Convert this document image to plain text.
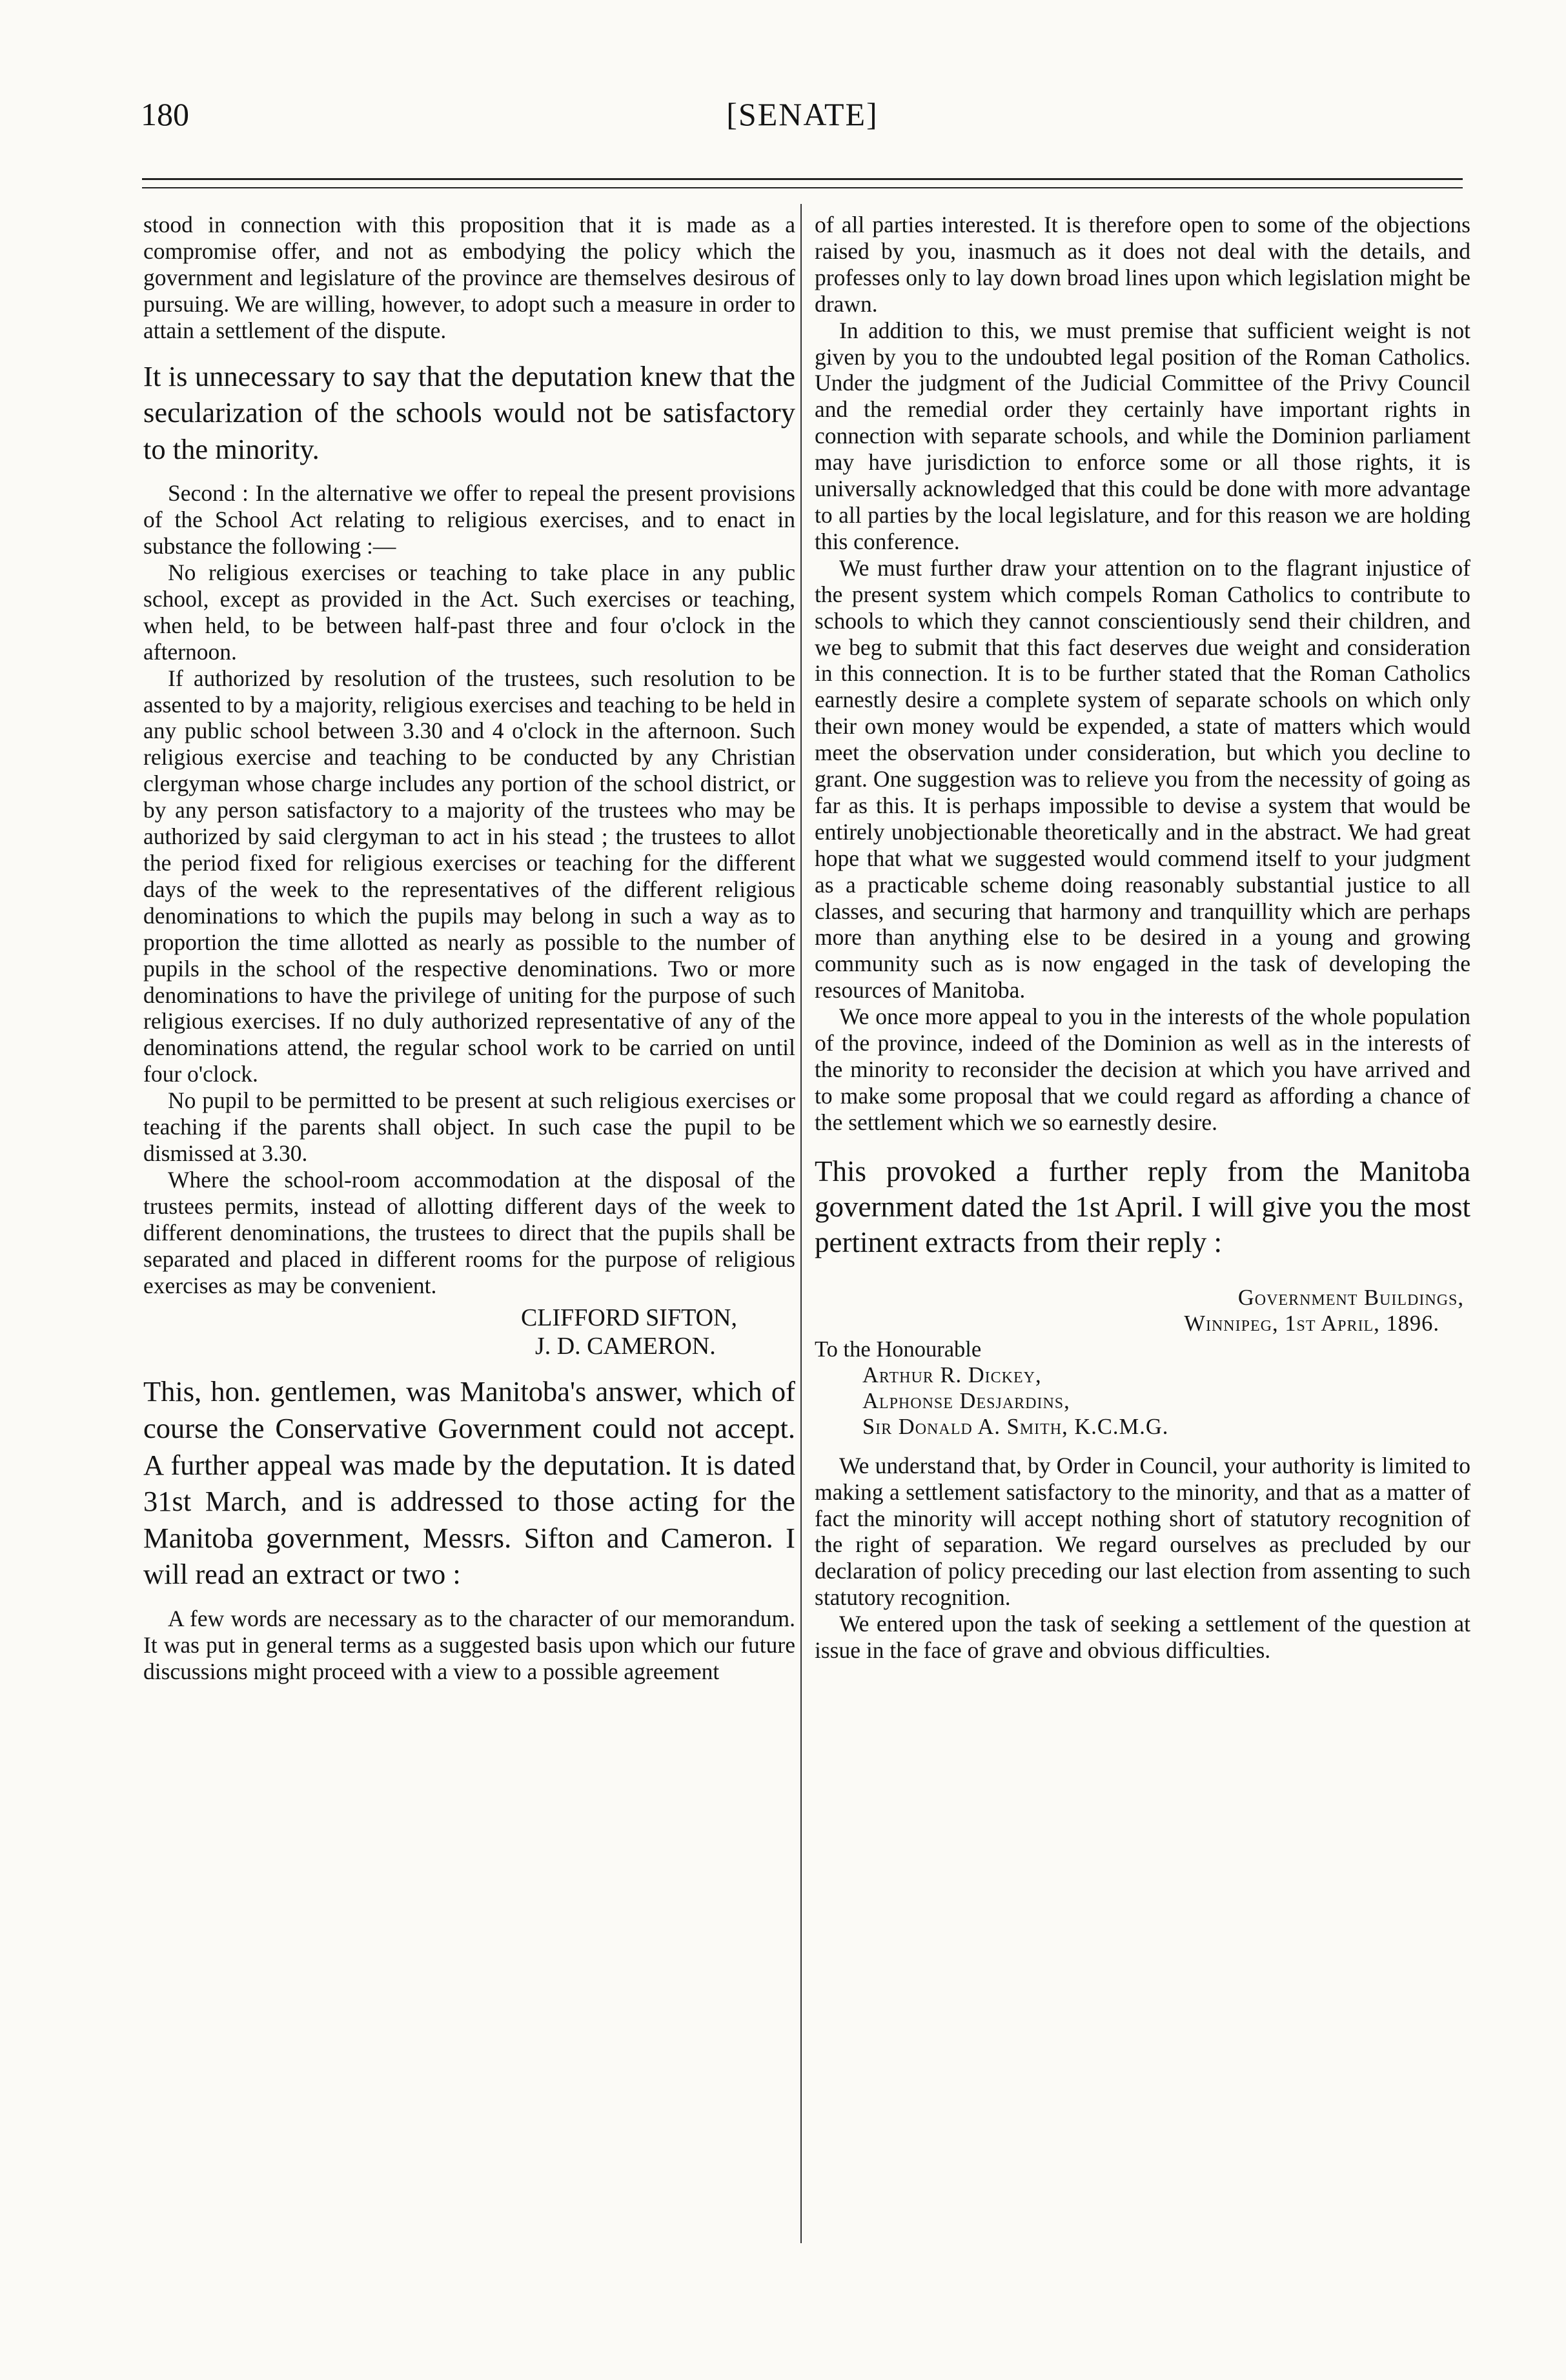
180	[SENATE]

stood in connection with this proposition that it is made as a compromise offer, and not as embodying the policy which the government and legislature of the province are themselves desirous of pursuing. We are willing, however, to adopt such a measure in order to attain a settlement of the dispute.

It is unnecessary to say that the deputation knew that the secularization of the schools would not be satisfactory to the minority.

Second : In the alternative we offer to repeal the present provisions of the School Act relating to religious exercises, and to enact in substance the following :—

No religious exercises or teaching to take place in any public school, except as provided in the Act. Such exercises or teaching, when held, to be between half-past three and four o'clock in the afternoon.

If authorized by resolution of the trustees, such resolution to be assented to by a majority, religious exercises and teaching to be held in any public school between 3.30 and 4 o'clock in the afternoon. Such religious exercise and teaching to be conducted by any Christian clergyman whose charge includes any portion of the school district, or by any person satisfactory to a majority of the trustees who may be authorized by said clergyman to act in his stead ; the trustees to allot the period fixed for religious exercises or teaching for the different days of the week to the representatives of the different religious denominations to which the pupils may belong in such a way as to proportion the time allotted as nearly as possible to the number of pupils in the school of the respective denominations. Two or more denominations to have the privilege of uniting for the purpose of such religious exercises. If no duly authorized representative of any of the denominations attend, the regular school work to be carried on until four o'clock.

No pupil to be permitted to be present at such religious exercises or teaching if the parents shall object. In such case the pupil to be dismissed at 3.30.

Where the school-room accommodation at the disposal of the trustees permits, instead of allotting different days of the week to different denominations, the trustees to direct that the pupils shall be separated and placed in different rooms for the purpose of religious exercises as may be convenient.

CLIFFORD SIFTON,
J. D. CAMERON.

This, hon. gentlemen, was Manitoba's answer, which of course the Conservative Government could not accept. A further appeal was made by the deputation. It is dated 31st March, and is addressed to those acting for the Manitoba government, Messrs. Sifton and Cameron. I will read an extract or two :

A few words are necessary as to the character of our memorandum. It was put in general terms as a suggested basis upon which our future discussions might proceed with a view to a possible agreement

of all parties interested. It is therefore open to some of the objections raised by you, inasmuch as it does not deal with the details, and professes only to lay down broad lines upon which legislation might be drawn.

In addition to this, we must premise that sufficient weight is not given by you to the undoubted legal position of the Roman Catholics. Under the judgment of the Judicial Committee of the Privy Council and the remedial order they certainly have important rights in connection with separate schools, and while the Dominion parliament may have jurisdiction to enforce some or all those rights, it is universally acknowledged that this could be done with more advantage to all parties by the local legislature, and for this reason we are holding this conference.

We must further draw your attention on to the flagrant injustice of the present system which compels Roman Catholics to contribute to schools to which they cannot conscientiously send their children, and we beg to submit that this fact deserves due weight and consideration in this connection. It is to be further stated that the Roman Catholics earnestly desire a complete system of separate schools on which only their own money would be expended, a state of matters which would meet the observation under consideration, but which you decline to grant. One suggestion was to relieve you from the necessity of going as far as this. It is perhaps impossible to devise a system that would be entirely unobjectionable theoretically and in the abstract. We had great hope that what we suggested would commend itself to your judgment as a practicable scheme doing reasonably substantial justice to all classes, and securing that harmony and tranquillity which are perhaps more than anything else to be desired in a young and growing community such as is now engaged in the task of developing the resources of Manitoba.

We once more appeal to you in the interests of the whole population of the province, indeed of the Dominion as well as in the interests of the minority to reconsider the decision at which you have arrived and to make some proposal that we could regard as affording a chance of the settlement which we so earnestly desire.

This provoked a further reply from the Manitoba government dated the 1st April. I will give you the most pertinent extracts from their reply :

Government Buildings,
Winnipeg, 1st April, 1896.
To the Honourable
Arthur R. Dickey,
Alphonse Desjardins,
Sir Donald A. Smith, K.C.M.G.

We understand that, by Order in Council, your authority is limited to making a settlement satisfactory to the minority, and that as a matter of fact the minority will accept nothing short of statutory recognition of the right of separation. We regard ourselves as precluded by our declaration of policy preceding our last election from assenting to such statutory recognition.

We entered upon the task of seeking a settlement of the question at issue in the face of grave and obvious difficulties.
